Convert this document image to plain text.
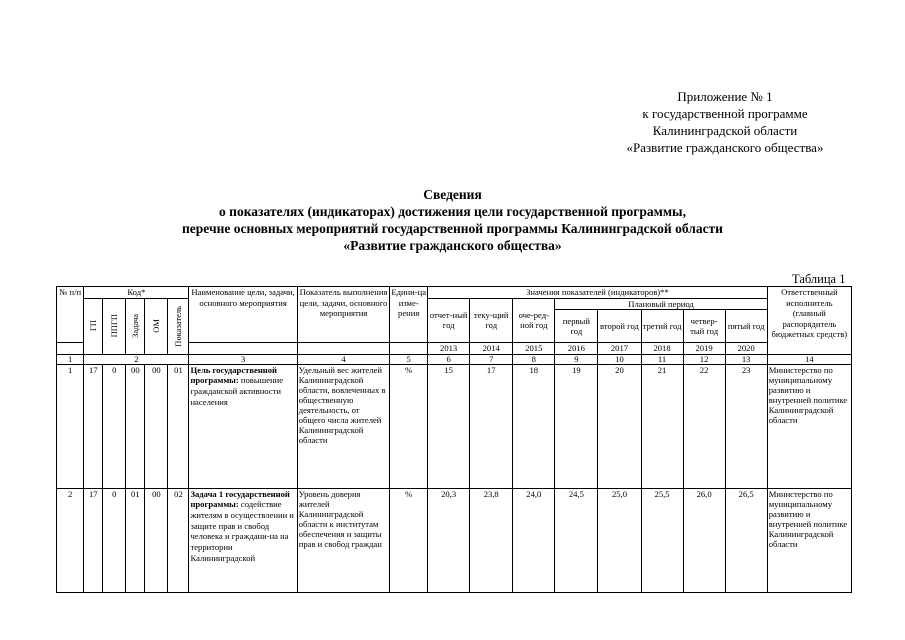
Приложение № 1
к государственной программе
Калининградской области
«Развитие гражданского общества»
Сведения
о показателях (индикаторах) достижения цели государственной программы,
перечне основных мероприятий государственной программы Калининградской области
«Развитие гражданского общества»
Таблица 1
№ п/п	Код*					Наименование цели, задачи, основного мероприятия	Показатель выполнения цели, задачи, основного мероприятия	Едини-ца изме-рения	Значения показателей (индикаторов)**								Ответственный исполнитель (главный распорядитель бюджетных средств)

	ГП	ППГП	Задача	ОМ	Показатель				отчет-ный год	теку-щий год	оче-ред-ной год	Плановый период					
												первый год	второй год	третий год	четвер-тый год	пятый год	
									2013	2014	2015	2016	2017	2018	2019	2020	
1	2					3	4	5	6	7	8	9	10	11	12	13	14
1	17	0	00	00	01	Цель государственной программы: повышение гражданской активности населения	Удельный вес жителей Калининградской области, вовлеченных в общественную деятельность, от общего числа жителей Калининградской области	%	15	17	18	19	20	21	22	23	Министерство по муниципальному развитию и внутренней политике Калининградской области
2	17	0	01	00	02	Задача 1 государственной программы: содействие жителям в осуществлении и защите прав и свобод человека и граждани-на на территории Калининградской	Уровень доверия жителей Калининградской области к институтам обеспечения и защиты прав и свобод граждан	%	20,3	23,8	24,0	24,5	25,0	25,5	26,0	26,5	Министерство по муниципальному развитию и внутренней политике Калининградской области
